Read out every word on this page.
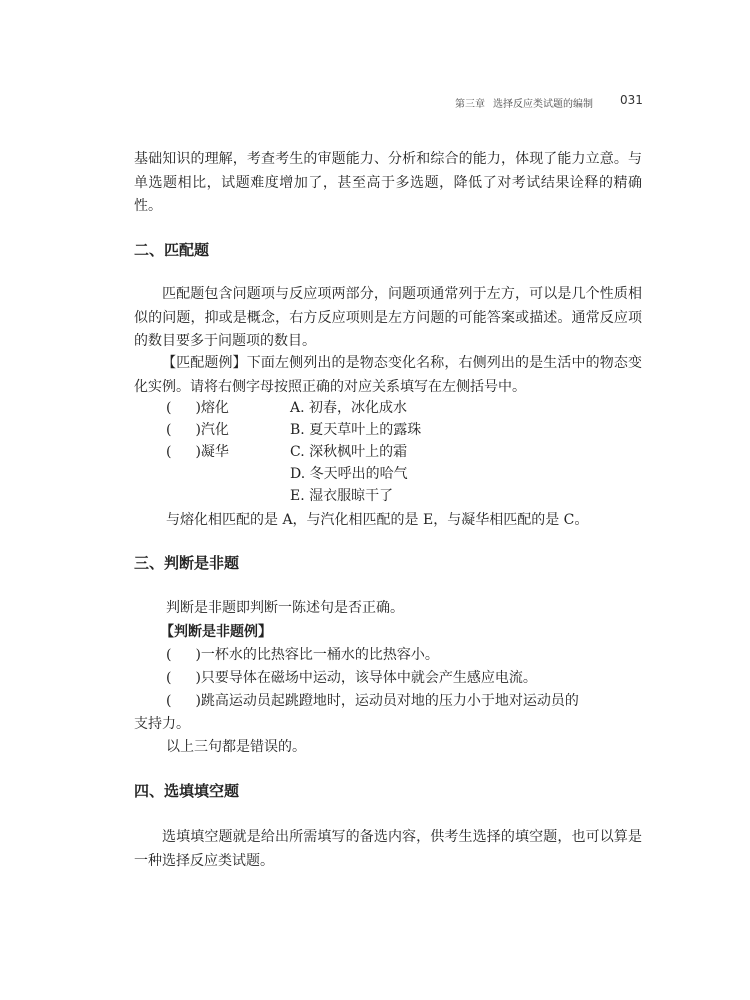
第三章 选择反应类试题的编制 031
基础知识的理解，考查考生的审题能力、分析和综合的能力，体现了能力立意。与单选题相比，试题难度增加了，甚至高于多选题，降低了对考试结果诠释的精确性。
二、匹配题
匹配题包含问题项与反应项两部分，问题项通常列于左方，可以是几个性质相似的问题，抑或是概念，右方反应项则是左方问题的可能答案或描述。通常反应项的数目要多于问题项的数目。
【匹配题例】下面左侧列出的是物态变化名称，右侧列出的是生活中的物态变化实例。请将右侧字母按照正确的对应关系填写在左侧括号中。
( )熔化
( )汽化
( )凝华
A. 初春，冰化成水
B. 夏天草叶上的露珠
C. 深秋枫叶上的霜
D. 冬天呼出的哈气
E. 湿衣服晾干了
与熔化相匹配的是 A，与汽化相匹配的是 E，与凝华相匹配的是 C。
三、判断是非题
判断是非题即判断一陈述句是否正确。
【判断是非题例】
( )一杯水的比热容比一桶水的比热容小。
( )只要导体在磁场中运动，该导体中就会产生感应电流。
( )跳高运动员起跳蹬地时，运动员对地的压力小于地对运动员的
支持力。
以上三句都是错误的。
四、选填填空题
选填填空题就是给出所需填写的备选内容，供考生选择的填空题，也可以算是一种选择反应类试题。
